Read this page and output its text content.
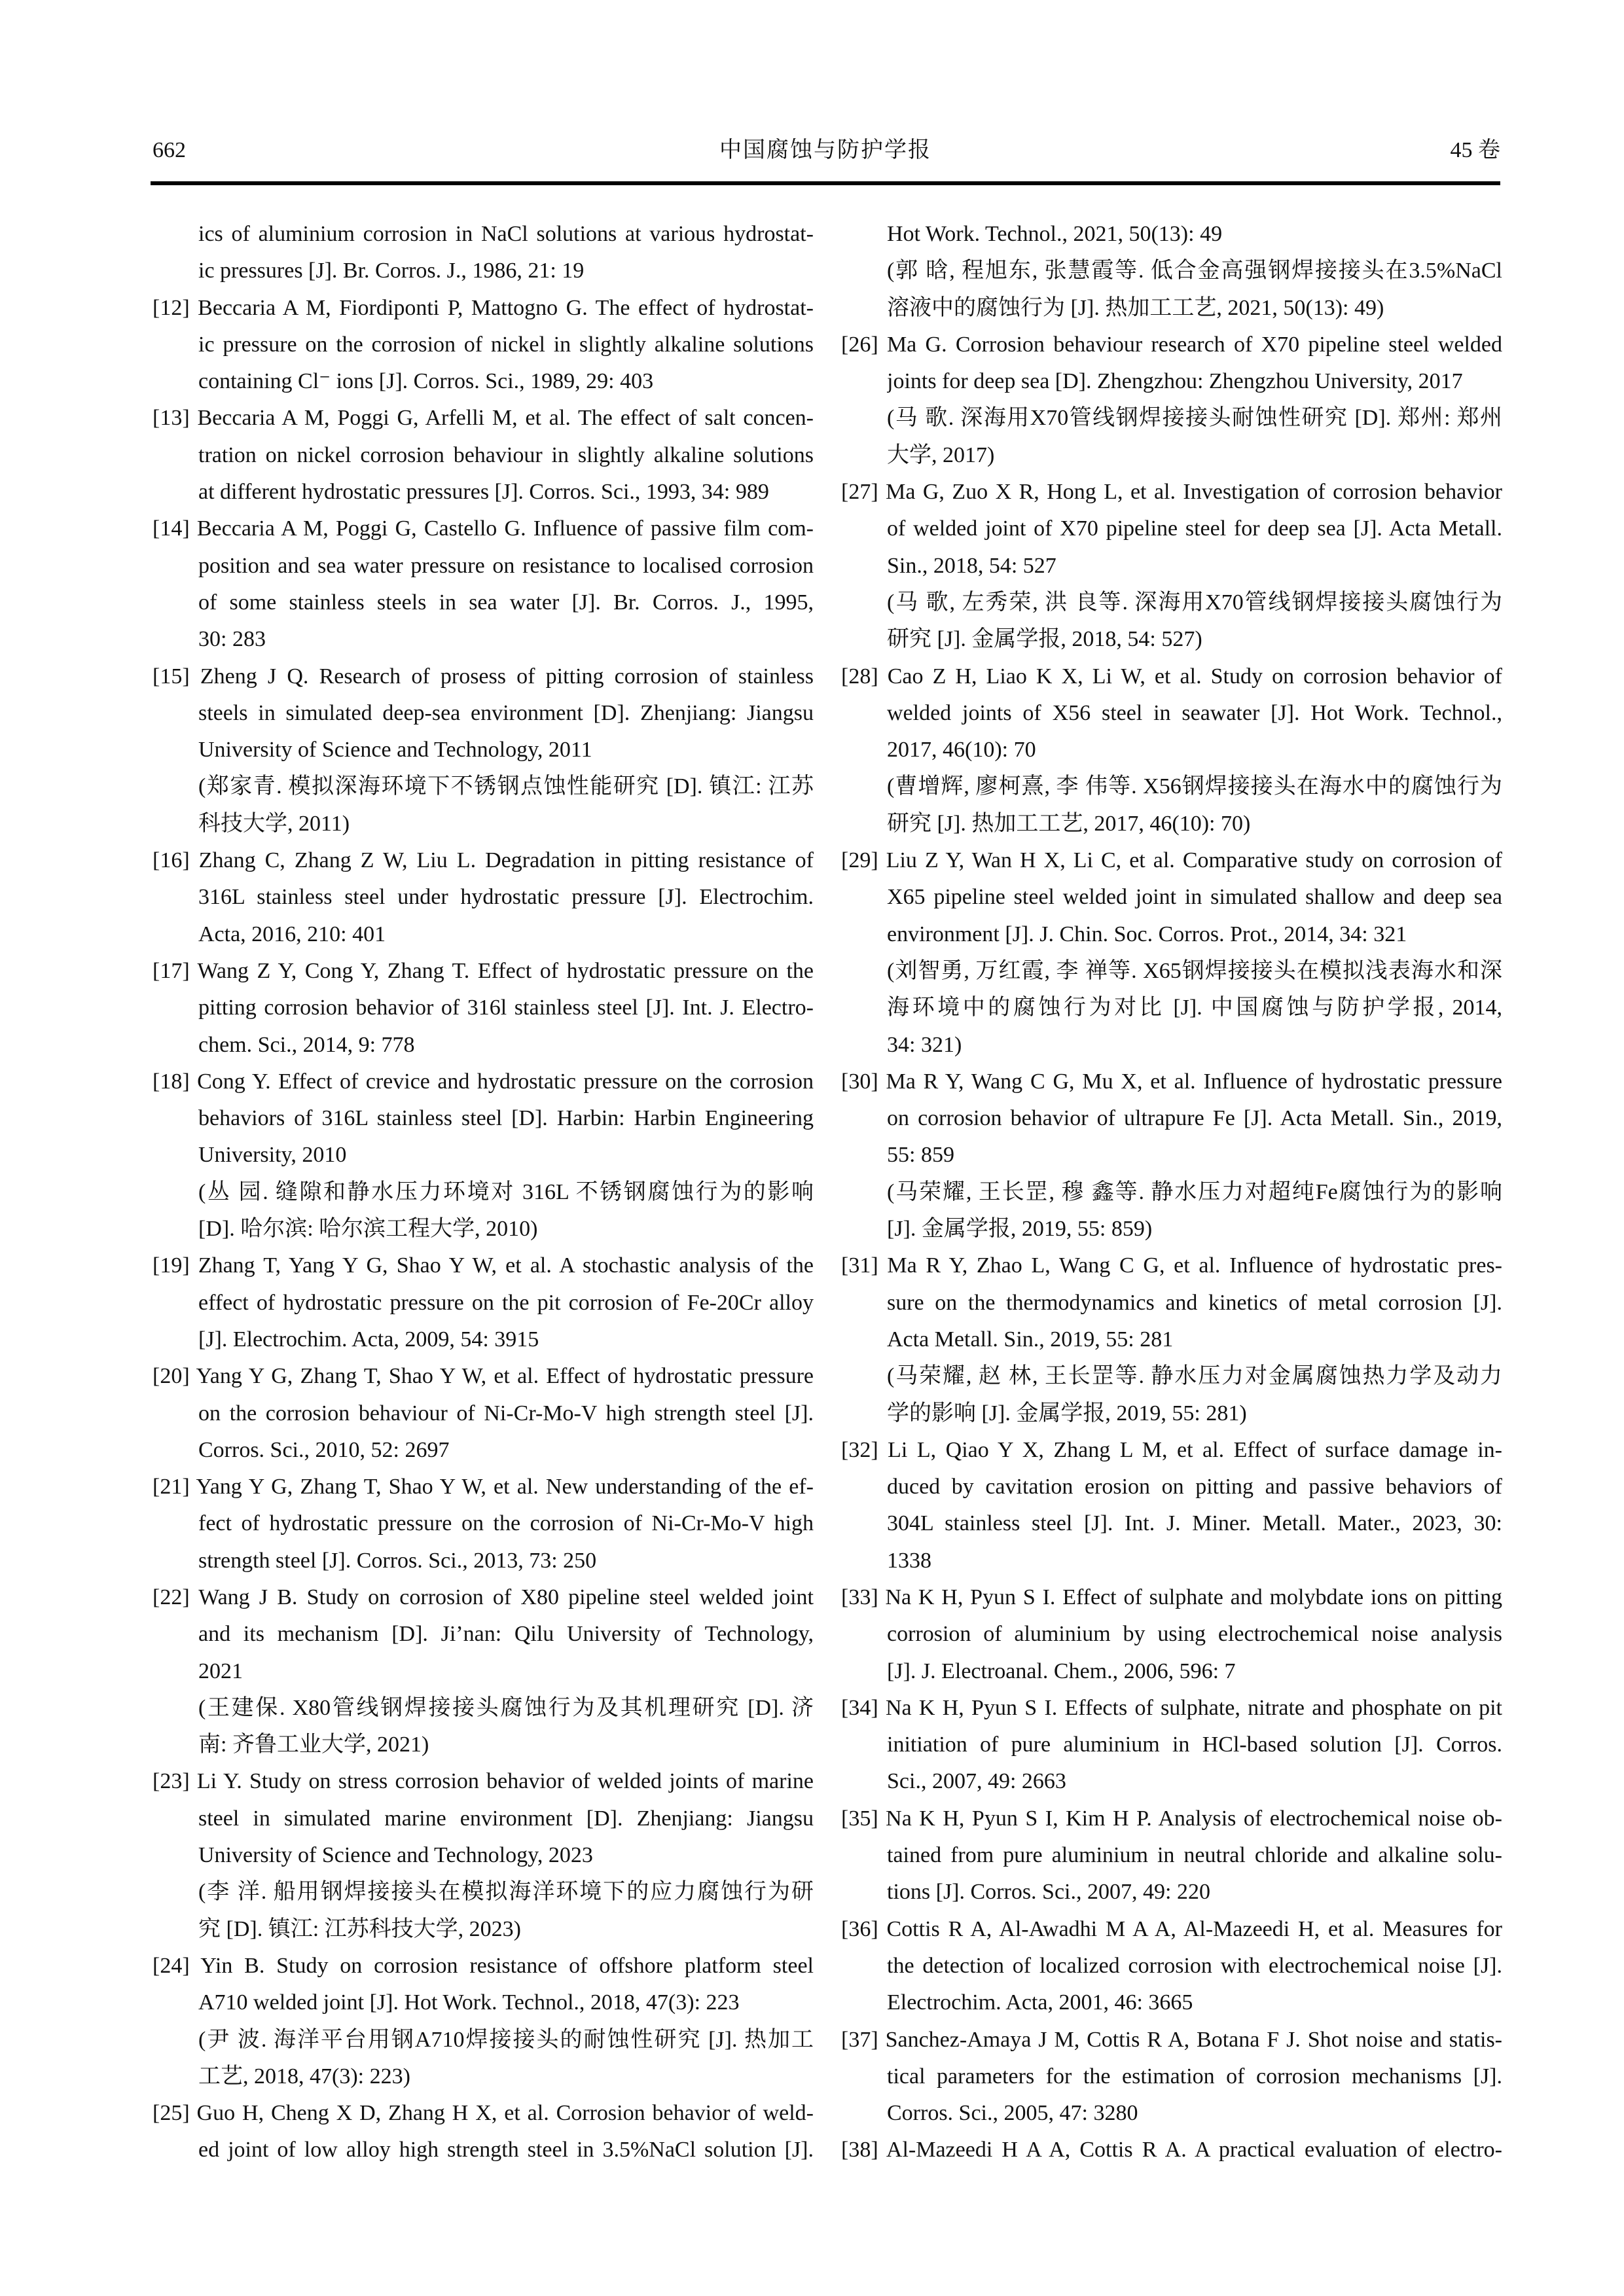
662	中国腐蚀与防护学报	45 卷
ics of aluminium corrosion in NaCl solutions at various hydrostat-
ic pressures [J]. Br. Corros. J., 1986, 21: 19
[12] Beccaria A M, Fiordiponti P, Mattogno G. The effect of hydrostat-
ic pressure on the corrosion of nickel in slightly alkaline solutions
containing Cl⁻ ions [J]. Corros. Sci., 1989, 29: 403
[13] Beccaria A M, Poggi G, Arfelli M, et al. The effect of salt concen-
tration on nickel corrosion behaviour in slightly alkaline solutions
at different hydrostatic pressures [J]. Corros. Sci., 1993, 34: 989
[14] Beccaria A M, Poggi G, Castello G. Influence of passive film com-
position and sea water pressure on resistance to localised corrosion
of some stainless steels in sea water [J]. Br. Corros. J., 1995,
30: 283
[15] Zheng J Q. Research of prosess of pitting corrosion of stainless
steels in simulated deep-sea environment [D]. Zhenjiang: Jiangsu
University of Science and Technology, 2011
(郑家青. 模拟深海环境下不锈钢点蚀性能研究 [D]. 镇江: 江苏
科技大学, 2011)
[16] Zhang C, Zhang Z W, Liu L. Degradation in pitting resistance of
316L stainless steel under hydrostatic pressure [J]. Electrochim.
Acta, 2016, 210: 401
[17] Wang Z Y, Cong Y, Zhang T. Effect of hydrostatic pressure on the
pitting corrosion behavior of 316l stainless steel [J]. Int. J. Electro-
chem. Sci., 2014, 9: 778
[18] Cong Y. Effect of crevice and hydrostatic pressure on the corrosion
behaviors of 316L stainless steel [D]. Harbin: Harbin Engineering
University, 2010
(丛 园. 缝隙和静水压力环境对 316L 不锈钢腐蚀行为的影响
[D]. 哈尔滨: 哈尔滨工程大学, 2010)
[19] Zhang T, Yang Y G, Shao Y W, et al. A stochastic analysis of the
effect of hydrostatic pressure on the pit corrosion of Fe-20Cr alloy
[J]. Electrochim. Acta, 2009, 54: 3915
[20] Yang Y G, Zhang T, Shao Y W, et al. Effect of hydrostatic pressure
on the corrosion behaviour of Ni-Cr-Mo-V high strength steel [J].
Corros. Sci., 2010, 52: 2697
[21] Yang Y G, Zhang T, Shao Y W, et al. New understanding of the ef-
fect of hydrostatic pressure on the corrosion of Ni-Cr-Mo-V high
strength steel [J]. Corros. Sci., 2013, 73: 250
[22] Wang J B. Study on corrosion of X80 pipeline steel welded joint
and its mechanism [D]. Ji’nan: Qilu University of Technology,
2021
(王建保. X80管线钢焊接接头腐蚀行为及其机理研究 [D]. 济
南: 齐鲁工业大学, 2021)
[23] Li Y. Study on stress corrosion behavior of welded joints of marine
steel in simulated marine environment [D]. Zhenjiang: Jiangsu
University of Science and Technology, 2023
(李 洋. 船用钢焊接接头在模拟海洋环境下的应力腐蚀行为研
究 [D]. 镇江: 江苏科技大学, 2023)
[24] Yin B. Study on corrosion resistance of offshore platform steel
A710 welded joint [J]. Hot Work. Technol., 2018, 47(3): 223
(尹 波. 海洋平台用钢A710焊接接头的耐蚀性研究 [J]. 热加工
工艺, 2018, 47(3): 223)
[25] Guo H, Cheng X D, Zhang H X, et al. Corrosion behavior of weld-
ed joint of low alloy high strength steel in 3.5%NaCl solution [J].
Hot Work. Technol., 2021, 50(13): 49
(郭 晗, 程旭东, 张慧霞等. 低合金高强钢焊接接头在3.5%NaCl
溶液中的腐蚀行为 [J]. 热加工工艺, 2021, 50(13): 49)
[26] Ma G. Corrosion behaviour research of X70 pipeline steel welded
joints for deep sea [D]. Zhengzhou: Zhengzhou University, 2017
(马 歌. 深海用X70管线钢焊接接头耐蚀性研究 [D]. 郑州: 郑州
大学, 2017)
[27] Ma G, Zuo X R, Hong L, et al. Investigation of corrosion behavior
of welded joint of X70 pipeline steel for deep sea [J]. Acta Metall.
Sin., 2018, 54: 527
(马 歌, 左秀荣, 洪 良等. 深海用X70管线钢焊接接头腐蚀行为
研究 [J]. 金属学报, 2018, 54: 527)
[28] Cao Z H, Liao K X, Li W, et al. Study on corrosion behavior of
welded joints of X56 steel in seawater [J]. Hot Work. Technol.,
2017, 46(10): 70
(曹增辉, 廖柯熹, 李 伟等. X56钢焊接接头在海水中的腐蚀行为
研究 [J]. 热加工工艺, 2017, 46(10): 70)
[29] Liu Z Y, Wan H X, Li C, et al. Comparative study on corrosion of
X65 pipeline steel welded joint in simulated shallow and deep sea
environment [J]. J. Chin. Soc. Corros. Prot., 2014, 34: 321
(刘智勇, 万红霞, 李 禅等. X65钢焊接接头在模拟浅表海水和深
海环境中的腐蚀行为对比 [J]. 中国腐蚀与防护学报, 2014,
34: 321)
[30] Ma R Y, Wang C G, Mu X, et al. Influence of hydrostatic pressure
on corrosion behavior of ultrapure Fe [J]. Acta Metall. Sin., 2019,
55: 859
(马荣耀, 王长罡, 穆 鑫等. 静水压力对超纯Fe腐蚀行为的影响
[J]. 金属学报, 2019, 55: 859)
[31] Ma R Y, Zhao L, Wang C G, et al. Influence of hydrostatic pres-
sure on the thermodynamics and kinetics of metal corrosion [J].
Acta Metall. Sin., 2019, 55: 281
(马荣耀, 赵 林, 王长罡等. 静水压力对金属腐蚀热力学及动力
学的影响 [J]. 金属学报, 2019, 55: 281)
[32] Li L, Qiao Y X, Zhang L M, et al. Effect of surface damage in-
duced by cavitation erosion on pitting and passive behaviors of
304L stainless steel [J]. Int. J. Miner. Metall. Mater., 2023, 30:
1338
[33] Na K H, Pyun S I. Effect of sulphate and molybdate ions on pitting
corrosion of aluminium by using electrochemical noise analysis
[J]. J. Electroanal. Chem., 2006, 596: 7
[34] Na K H, Pyun S I. Effects of sulphate, nitrate and phosphate on pit
initiation of pure aluminium in HCl-based solution [J]. Corros.
Sci., 2007, 49: 2663
[35] Na K H, Pyun S I, Kim H P. Analysis of electrochemical noise ob-
tained from pure aluminium in neutral chloride and alkaline solu-
tions [J]. Corros. Sci., 2007, 49: 220
[36] Cottis R A, Al-Awadhi M A A, Al-Mazeedi H, et al. Measures for
the detection of localized corrosion with electrochemical noise [J].
Electrochim. Acta, 2001, 46: 3665
[37] Sanchez-Amaya J M, Cottis R A, Botana F J. Shot noise and statis-
tical parameters for the estimation of corrosion mechanisms [J].
Corros. Sci., 2005, 47: 3280
[38] Al-Mazeedi H A A, Cottis R A. A practical evaluation of electro-
